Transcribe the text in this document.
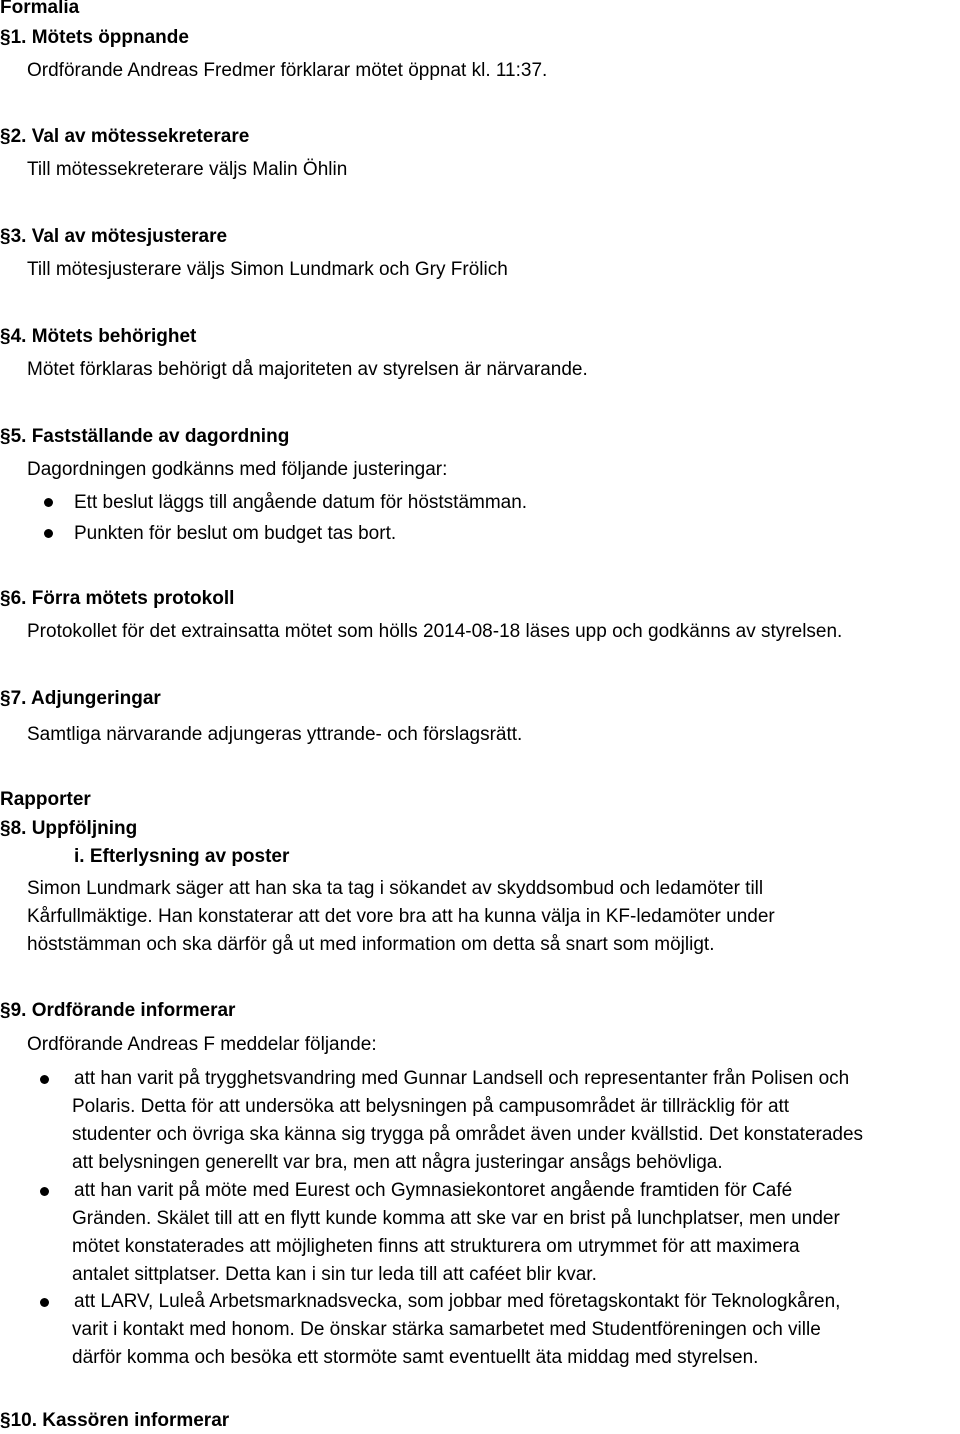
Formalia
§1. Mötets öppnande
Ordförande Andreas Fredmer förklarar mötet öppnat kl. 11:37.
§2. Val av mötessekreterare
Till mötessekreterare väljs Malin Öhlin
§3. Val av mötesjusterare
Till mötesjusterare väljs Simon Lundmark och Gry Frölich
§4. Mötets behörighet
Mötet förklaras behörigt då majoriteten av styrelsen är närvarande.
§5. Fastställande av dagordning
Dagordningen godkänns med följande justeringar:
Ett beslut läggs till angående datum för höststämman.
Punkten för beslut om budget tas bort.
§6. Förra mötets protokoll
Protokollet för det extrainsatta mötet som hölls 2014-08-18 läses upp och godkänns av styrelsen.
§7. Adjungeringar
Samtliga närvarande adjungeras yttrande- och förslagsrätt.
Rapporter
§8. Uppföljning
i. Efterlysning av poster
Simon Lundmark säger att han ska ta tag i sökandet av skyddsombud och ledamöter till
Kårfullmäktige. Han konstaterar att det vore bra att ha kunna välja in KF-ledamöter under
höststämman och ska därför gå ut med information om detta så snart som möjligt.
§9. Ordförande informerar
Ordförande Andreas F meddelar följande:
att han varit på trygghetsvandring med Gunnar Landsell och representanter från Polisen och
Polaris. Detta för att undersöka att belysningen på campusområdet är tillräcklig för att
studenter och övriga ska känna sig trygga på området även under kvällstid. Det konstaterades
att belysningen generellt var bra, men att några justeringar ansågs behövliga.
att han varit på möte med Eurest och Gymnasiekontoret angående framtiden för Café
Gränden. Skälet till att en flytt kunde komma att ske var en brist på lunchplatser, men under
mötet konstaterades att möjligheten finns att strukturera om utrymmet för att maximera
antalet sittplatser. Detta kan i sin tur leda till att caféet blir kvar.
att LARV, Luleå Arbetsmarknadsvecka, som jobbar med företagskontakt för Teknologkåren,
varit i kontakt med honom. De önskar stärka samarbetet med Studentföreningen och ville
därför komma och besöka ett stormöte samt eventuellt äta middag med styrelsen.
§10. Kassören informerar
